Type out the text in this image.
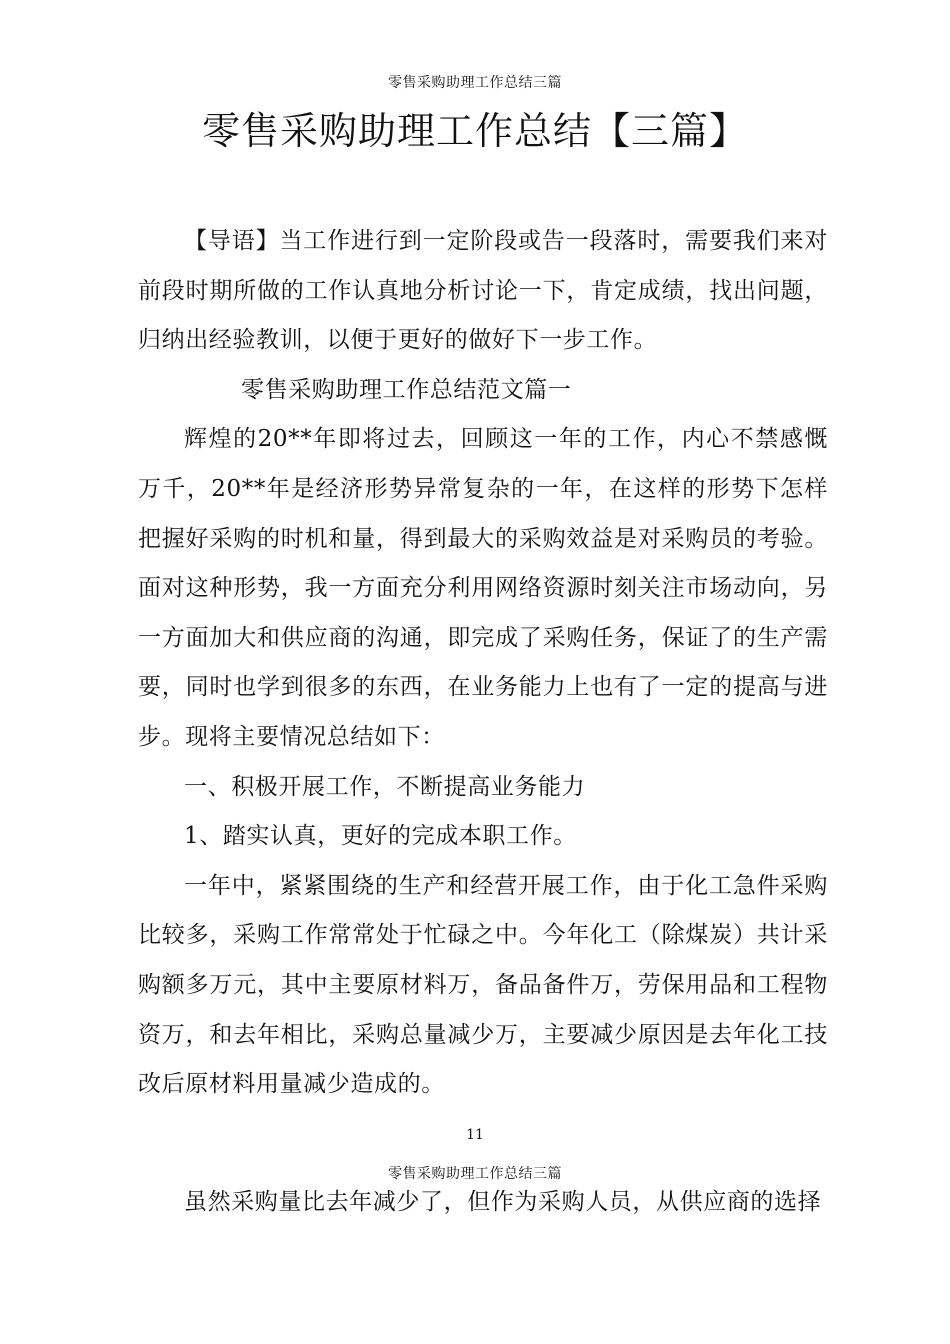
零售采购助理工作总结三篇
零售采购助理工作总结【三篇】

【导语】当工作进行到一定阶段或告一段落时，需要我们来对前段时期所做的工作认真地分析讨论一下，肯定成绩，找出问题，归纳出经验教训，以便于更好的做好下一步工作。

零售采购助理工作总结范文篇一

辉煌的20**年即将过去，回顾这一年的工作，内心不禁感慨万千，20**年是经济形势异常复杂的一年，在这样的形势下怎样把握好采购的时机和量，得到最大的采购效益是对采购员的考验。面对这种形势，我一方面充分利用网络资源时刻关注市场动向，另一方面加大和供应商的沟通，即完成了采购任务，保证了的生产需要，同时也学到很多的东西，在业务能力上也有了一定的提高与进步。现将主要情况总结如下：

一、积极开展工作，不断提高业务能力

1、踏实认真，更好的完成本职工作。

一年中，紧紧围绕的生产和经营开展工作，由于化工急件采购比较多，采购工作常常处于忙碌之中。今年化工（除煤炭）共计采购额多万元，其中主要原材料万，备品备件万，劳保用品和工程物资万，和去年相比，采购总量减少万，主要减少原因是去年化工技改后原材料用量减少造成的。

11
零售采购助理工作总结三篇

虽然采购量比去年减少了，但作为采购人员，从供应商的选择
